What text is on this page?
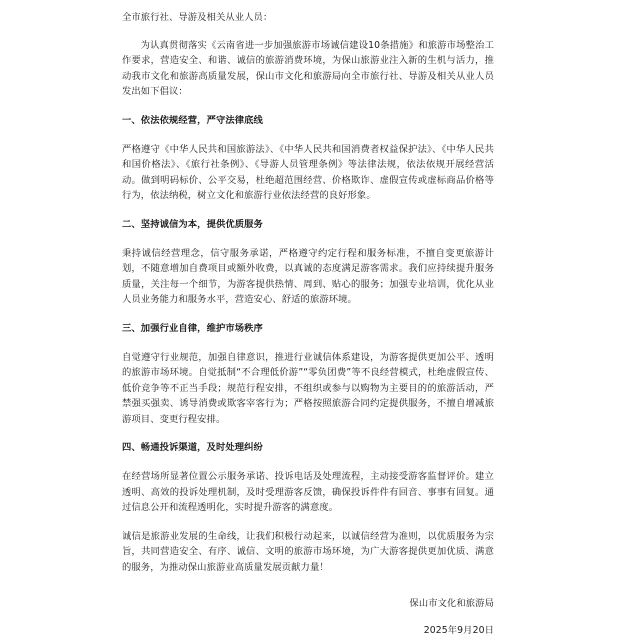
全市旅行社、导游及相关从业人员：

为认真贯彻落实《云南省进一步加强旅游市场诚信建设10条措施》和旅游市场整治工作要求，营造安全、和谐、诚信的旅游消费环境，为保山旅游业注入新的生机与活力，推动我市文化和旅游高质量发展，保山市文化和旅游局向全市旅行社、导游及相关从业人员发出如下倡议：

一、依法依规经营，严守法律底线

严格遵守《中华人民共和国旅游法》、《中华人民共和国消费者权益保护法》、《中华人民共和国价格法》、《旅行社条例》、《导游人员管理条例》等法律法规，依法依规开展经营活动。做到明码标价、公平交易，杜绝超范围经营、价格欺诈、虚假宣传或虚标商品价格等行为，依法纳税，树立文化和旅游行业依法经营的良好形象。

二、坚持诚信为本，提供优质服务

秉持诚信经营理念，信守服务承诺，严格遵守约定行程和服务标准，不擅自变更旅游计划，不随意增加自费项目或额外收费，以真诚的态度满足游客需求。我们应持续提升服务质量，关注每一个细节，为游客提供热情、周到、贴心的服务；加强专业培训，优化从业人员业务能力和服务水平，营造安心、舒适的旅游环境。

三、加强行业自律，维护市场秩序

自觉遵守行业规范，加强自律意识，推进行业诚信体系建设，为游客提供更加公平、透明的旅游市场环境。自觉抵制“不合理低价游”“零负团费”等不良经营模式，杜绝虚假宣传、低价竞争等不正当手段；规范行程安排，不组织或参与以购物为主要目的的旅游活动，严禁强买强卖、诱导消费或欺客宰客行为；严格按照旅游合同约定提供服务，不擅自增减旅游项目、变更行程安排。

四、畅通投诉渠道，及时处理纠纷

在经营场所显著位置公示服务承诺、投诉电话及处理流程，主动接受游客监督评价。建立透明、高效的投诉处理机制，及时受理游客反馈，确保投诉件件有回音、事事有回复。通过信息公开和流程透明化，实时提升游客的满意度。

诚信是旅游业发展的生命线，让我们积极行动起来，以诚信经营为准则，以优质服务为宗旨，共同营造安全、有序、诚信、文明的旅游市场环境，为广大游客提供更加优质、满意的服务，为推动保山旅游业高质量发展贡献力量！

保山市文化和旅游局

2025年9月20日
